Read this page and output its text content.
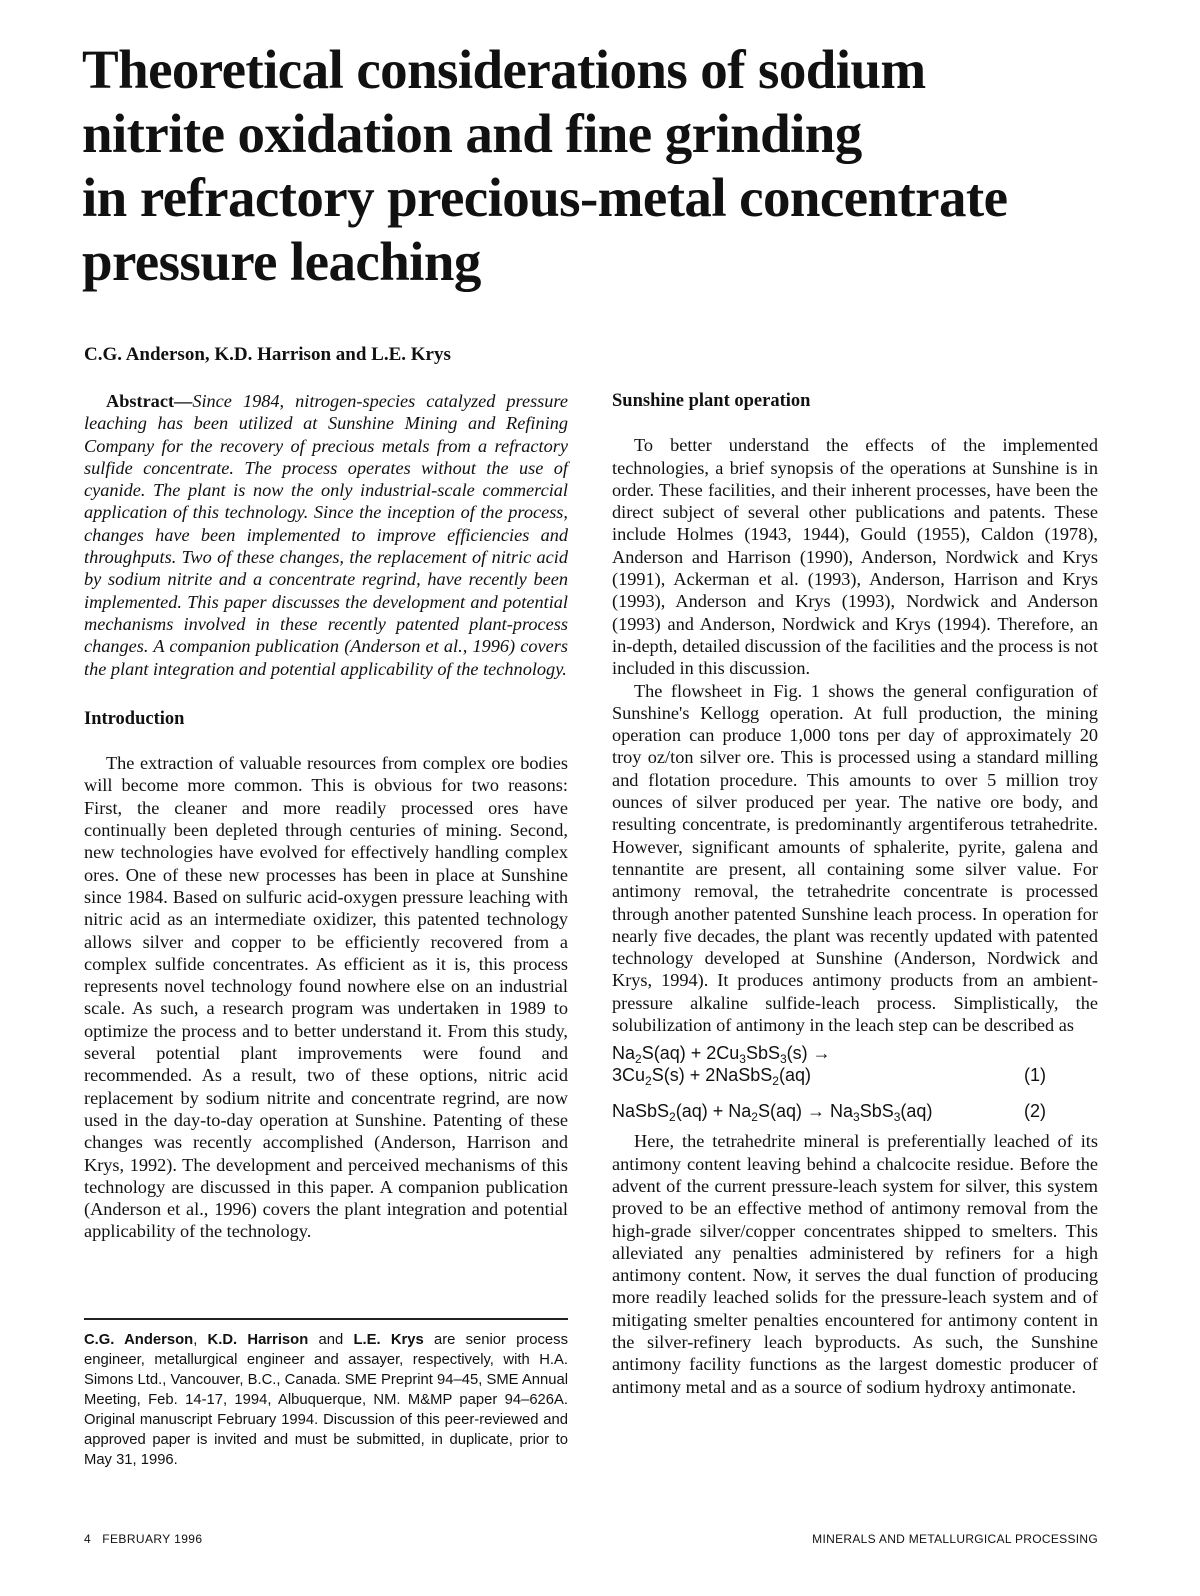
Theoretical considerations of sodium
nitrite oxidation and fine grinding
in refractory precious-metal concentrate
pressure leaching
C.G. Anderson, K.D. Harrison and L.E. Krys

Abstract—Since 1984, nitrogen-species catalyzed pressure leaching has been utilized at Sunshine Mining and Refining Company for the recovery of precious metals from a refractory sulfide concentrate. The process operates without the use of cyanide. The plant is now the only industrial-scale commercial application of this technology. Since the inception of the process, changes have been implemented to improve efficiencies and throughputs. Two of these changes, the replacement of nitric acid by sodium nitrite and a concentrate regrind, have recently been implemented. This paper discusses the development and potential mechanisms involved in these recently patented plant-process changes. A companion publication (Anderson et al., 1996) covers the plant integration and potential applicability of the technology.

Introduction

The extraction of valuable resources from complex ore bodies will become more common. This is obvious for two reasons: First, the cleaner and more readily processed ores have continually been depleted through centuries of mining. Second, new technologies have evolved for effectively handling complex ores. One of these new processes has been in place at Sunshine since 1984. Based on sulfuric acid-oxygen pressure leaching with nitric acid as an intermediate oxidizer, this patented technology allows silver and copper to be efficiently recovered from a complex sulfide concentrates. As efficient as it is, this process represents novel technology found nowhere else on an industrial scale. As such, a research program was undertaken in 1989 to optimize the process and to better understand it. From this study, several potential plant improvements were found and recommended. As a result, two of these options, nitric acid replacement by sodium nitrite and concentrate regrind, are now used in the day-to-day operation at Sunshine. Patenting of these changes was recently accomplished (Anderson, Harrison and Krys, 1992). The development and perceived mechanisms of this technology are discussed in this paper. A companion publication (Anderson et al., 1996) covers the plant integration and potential applicability of the technology.

C.G. Anderson, K.D. Harrison and L.E. Krys are senior process engineer, metallurgical engineer and assayer, respectively, with H.A. Simons Ltd., Vancouver, B.C., Canada. SME Preprint 94–45, SME Annual Meeting, Feb. 14-17, 1994, Albuquerque, NM. M&MP paper 94–626A. Original manuscript February 1994. Discussion of this peer-reviewed and approved paper is invited and must be submitted, in duplicate, prior to May 31, 1996.
Sunshine plant operation

To better understand the effects of the implemented technologies, a brief synopsis of the operations at Sunshine is in order. These facilities, and their inherent processes, have been the direct subject of several other publications and patents. These include Holmes (1943, 1944), Gould (1955), Caldon (1978), Anderson and Harrison (1990), Anderson, Nordwick and Krys (1991), Ackerman et al. (1993), Anderson, Harrison and Krys (1993), Anderson and Krys (1993), Nordwick and Anderson (1993) and Anderson, Nordwick and Krys (1994). Therefore, an in-depth, detailed discussion of the facilities and the process is not included in this discussion.

The flowsheet in Fig. 1 shows the general configuration of Sunshine's Kellogg operation. At full production, the mining operation can produce 1,000 tons per day of approximately 20 troy oz/ton silver ore. This is processed using a standard milling and flotation procedure. This amounts to over 5 million troy ounces of silver produced per year. The native ore body, and resulting concentrate, is predominantly argentiferous tetrahedrite. However, significant amounts of sphalerite, pyrite, galena and tennantite are present, all containing some silver value. For antimony removal, the tetrahedrite concentrate is processed through another patented Sunshine leach process. In operation for nearly five decades, the plant was recently updated with patented technology developed at Sunshine (Anderson, Nordwick and Krys, 1994). It produces antimony products from an ambient-pressure alkaline sulfide-leach process. Simplistically, the solubilization of antimony in the leach step can be described as

$Na_2S(aq) + 2Cu_3SbS_3(s)$ →
$3Cu_2S(s)$ + 2NaSbS$_2$(aq)	(1)
NaSbS$_2$(aq) + $Na_2S(aq) \to Na_3SbS_3(aq)$	(2)

Here, the tetrahedrite mineral is preferentially leached of its antimony content leaving behind a chalcocite residue. Before the advent of the current pressure-leach system for silver, this system proved to be an effective method of antimony removal from the high-grade silver/copper concentrates shipped to smelters. This alleviated any penalties administered by refiners for a high antimony content. Now, it serves the dual function of producing more readily leached solids for the pressure-leach system and of mitigating smelter penalties encountered for antimony content in the silver-refinery leach byproducts. As such, the Sunshine antimony facility functions as the largest domestic producer of antimony metal and as a source of sodium hydroxy antimonate.

4   FEBRUARY 1996	MINERALS AND METALLURGICAL PROCESSING
